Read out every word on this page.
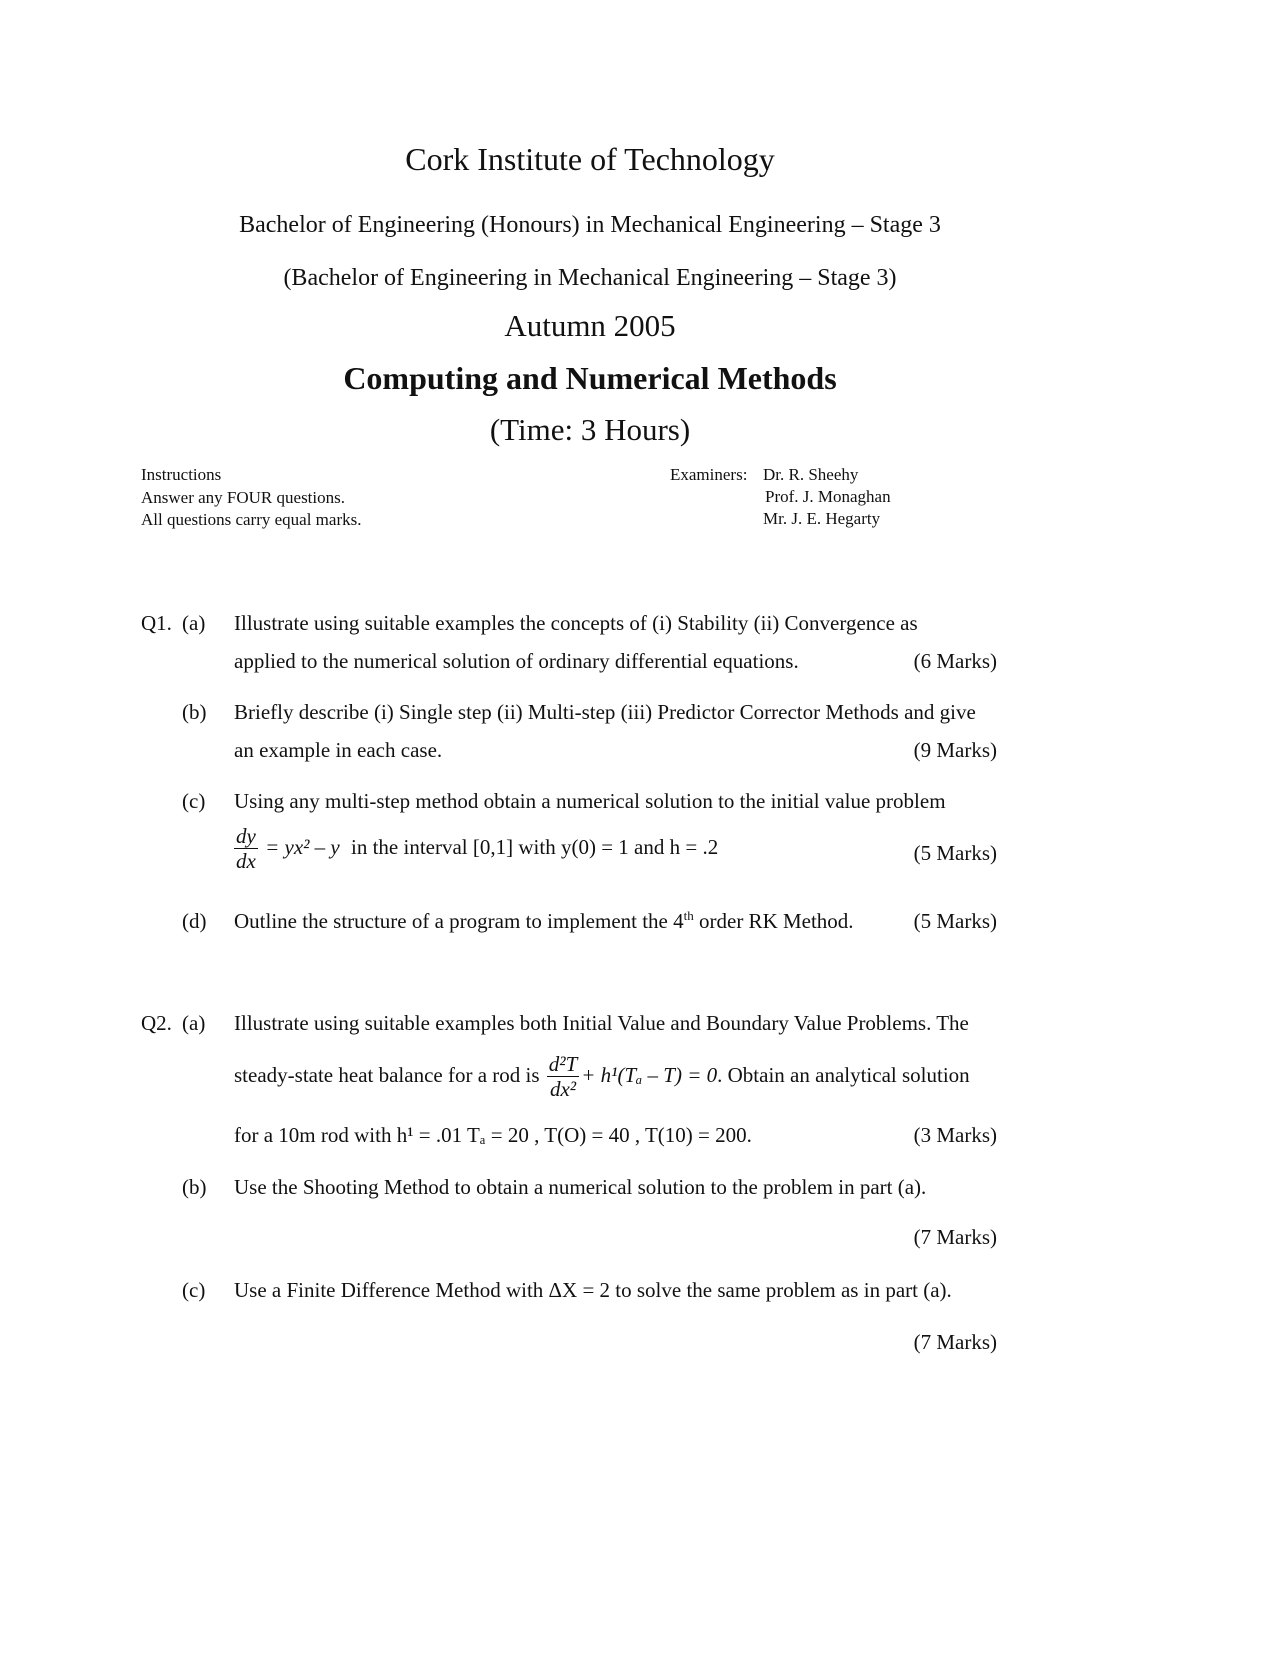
Cork Institute of Technology
Bachelor of Engineering (Honours) in Mechanical Engineering – Stage 3
(Bachelor of Engineering in Mechanical Engineering – Stage 3)
Autumn 2005
Computing and Numerical Methods
(Time: 3 Hours)
Instructions
Answer any FOUR questions.
All questions carry equal marks.
Examiners: Dr. R. Sheehy
Prof. J. Monaghan
Mr. J. E. Hegarty
Q1. (a) Illustrate using suitable examples the concepts of (i) Stability (ii) Convergence as
applied to the numerical solution of ordinary differential equations.	(6 Marks)
(b) Briefly describe (i) Single step (ii) Multi-step (iii) Predictor Corrector Methods and give
an example in each case.	(9 Marks)
(c) Using any multi-step method obtain a numerical solution to the initial value problem
$\frac{dy}{dx} = yx^2 - y$ in the interval [0,1] with y(0) = 1 and h = .2	(5 Marks)
(d) Outline the structure of a program to implement the 4th order RK Method.	(5 Marks)
Q2. (a) Illustrate using suitable examples both Initial Value and Boundary Value Problems. The
steady-state heat balance for a rod is $\frac{\text{d²T}}{\text{dx²}} + h^1(T_a - T) = 0$. Obtain an analytical solution
for a 10m rod with h¹ = .01 Tₐ = 20 , T(O) = 40 , T(10) = 200.	(3 Marks)
(b) Use the Shooting Method to obtain a numerical solution to the problem in part (a).
(7 Marks)
(c) Use a Finite Difference Method with ΔX = 2 to solve the same problem as in part (a).
(7 Marks)
